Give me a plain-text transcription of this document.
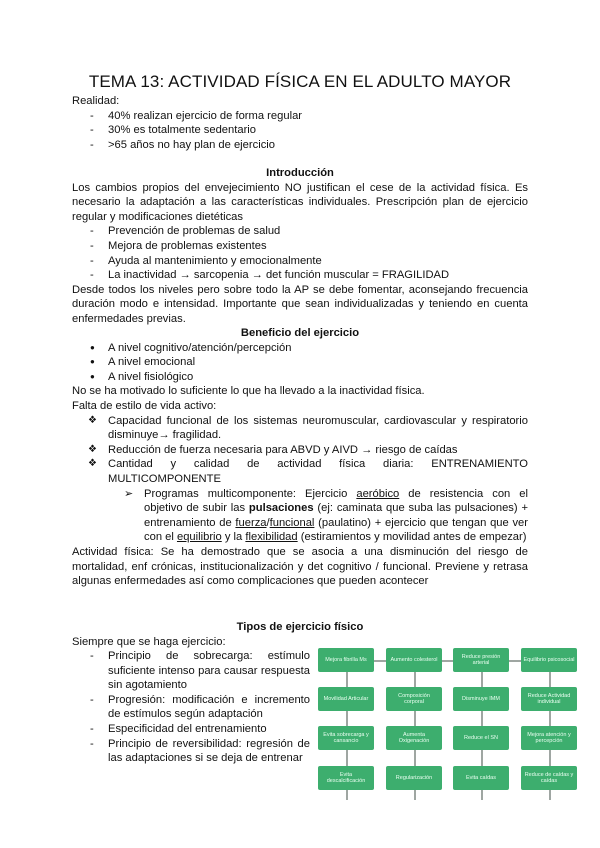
TEMA 13: ACTIVIDAD FÍSICA EN EL ADULTO MAYOR

Realidad:

- 40% realizan ejercicio de forma regular
- 30% es totalmente sedentario
- >65 años no hay plan de ejercicio

Introducción

Los cambios propios del envejecimiento NO justifican el cese de la actividad física. Es necesario la adaptación a las características individuales. Prescripción plan de ejercicio regular y modificaciones dietéticas

- Prevención de problemas de salud
- Mejora de problemas existentes
- Ayuda al mantenimiento y emocionalmente
- La inactividad → sarcopenia → det función muscular = FRAGILIDAD

Desde todos los niveles pero sobre todo la AP se debe fomentar, aconsejando frecuencia duración modo e intensidad. Importante que sean individualizadas y teniendo en cuenta enfermedades previas.

Beneficio del ejercicio

● A nivel cognitivo/atención/percepción
● A nivel emocional
● A nivel fisiológico

No se ha motivado lo suficiente lo que ha llevado a la inactividad física.

Falta de estilo de vida activo:

❖ Capacidad funcional de los sistemas neuromuscular, cardiovascular y respiratorio disminuye→ fragilidad.
❖ Reducción de fuerza necesaria para ABVD y AIVD → riesgo de caídas
❖ Cantidad y calidad de actividad física diaria: ENTRENAMIENTO MULTICOMPONENTE
➢ Programas multicomponente: Ejercicio aeróbico de resistencia con el objetivo de subir las pulsaciones (ej: caminata que suba las pulsaciones) + entrenamiento de fuerza/funcional (paulatino) + ejercicio que tengan que ver con el equilibrio y la flexibilidad (estiramientos y movilidad antes de empezar)

Actividad física: Se ha demostrado que se asocia a una disminución del riesgo de mortalidad, enf crónicas, institucionalización y det cognitivo / funcional. Previene y retrasa algunas enfermedades así como complicaciones que pueden acontecer

Tipos de ejercicio físico

Siempre que se haga ejercicio:

- Principio de sobrecarga: estímulo suficiente intenso para causar respuesta sin agotamiento
- Progresión: modificación e incremento de estímulos según adaptación
- Especificidad del entrenamiento
- Principio de reversibilidad: regresión de las adaptaciones si se deja de entrenar
Mejora fibrilla Ms	Aumento colesterol
Reduce presión arterial
Equilibrio psicosocial
Movilidad Articular
Composición corporal
Disminuye IMM
Reduce Actividad individual
Evita sobrecarga y cansancio
Aumenta Oxigenación
Reduce el SN
Mejora atención y percepción
Evita descalcificación
Regularización	Evita caídas
Reduce de caídas y caídas
